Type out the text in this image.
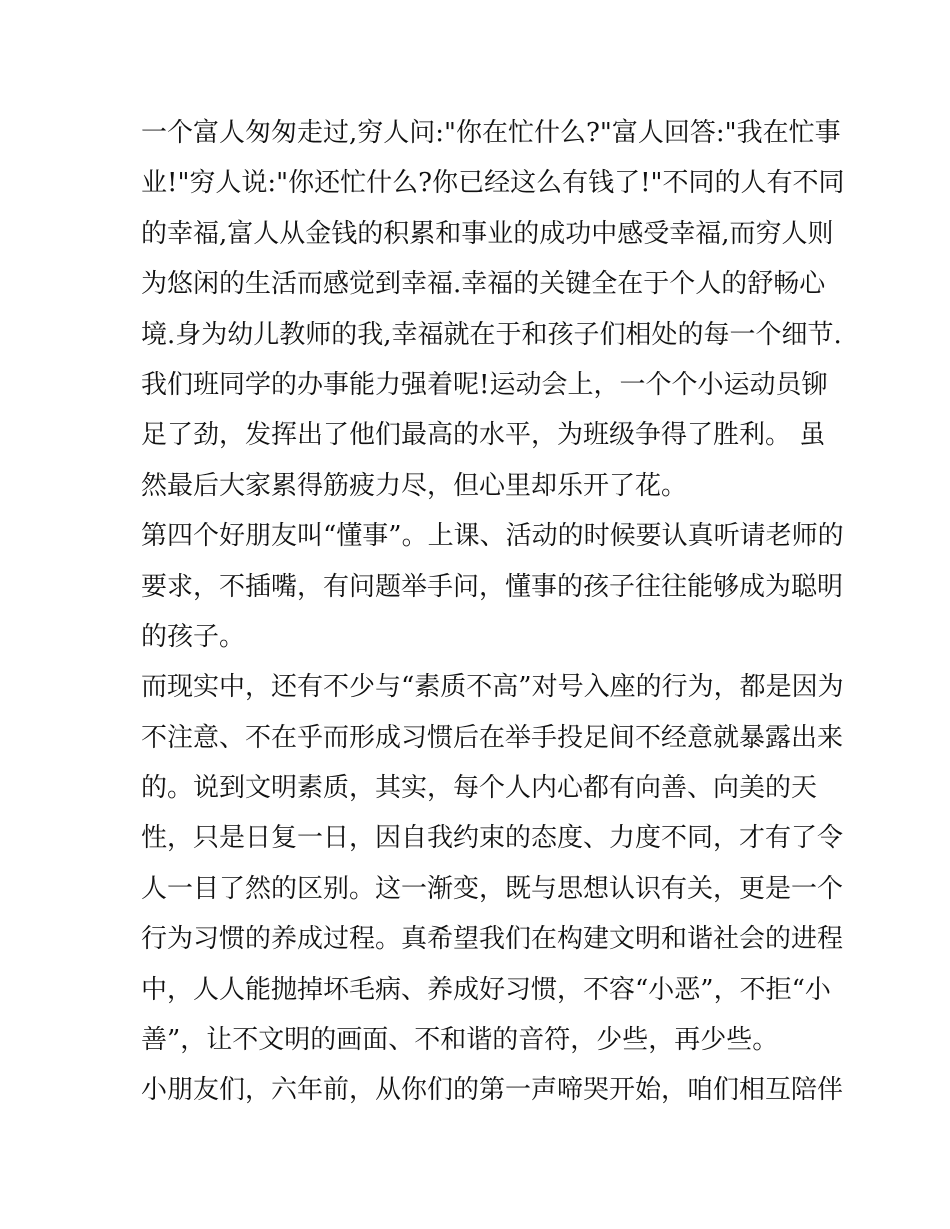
一个富人匆匆走过,穷人问:"你在忙什么?"富人回答:"我在忙事
业!"穷人说:"你还忙什么?你已经这么有钱了!"不同的人有不同
的幸福,富人从金钱的积累和事业的成功中感受幸福,而穷人则
为悠闲的生活而感觉到幸福.幸福的关键全在于个人的舒畅心
境.身为幼儿教师的我,幸福就在于和孩子们相处的每一个细节.
我们班同学的办事能力强着呢!运动会上，一个个小运动员铆
足了劲，发挥出了他们最高的水平，为班级争得了胜利。 虽
然最后大家累得筋疲力尽，但心里却乐开了花。
第四个好朋友叫“懂事”。上课、活动的时候要认真听请老师的
要求，不插嘴，有问题举手问，懂事的孩子往往能够成为聪明
的孩子。
而现实中，还有不少与“素质不高”对号入座的行为，都是因为
不注意、不在乎而形成习惯后在举手投足间不经意就暴露出来
的。说到文明素质，其实，每个人内心都有向善、向美的天
性，只是日复一日，因自我约束的态度、力度不同，才有了令
人一目了然的区别。这一渐变，既与思想认识有关，更是一个
行为习惯的养成过程。真希望我们在构建文明和谐社会的进程
中，人人能抛掉坏毛病、养成好习惯，不容“小恶”，不拒“小
善”，让不文明的画面、不和谐的音符，少些，再少些。
小朋友们，六年前，从你们的第一声啼哭开始，咱们相互陪伴
